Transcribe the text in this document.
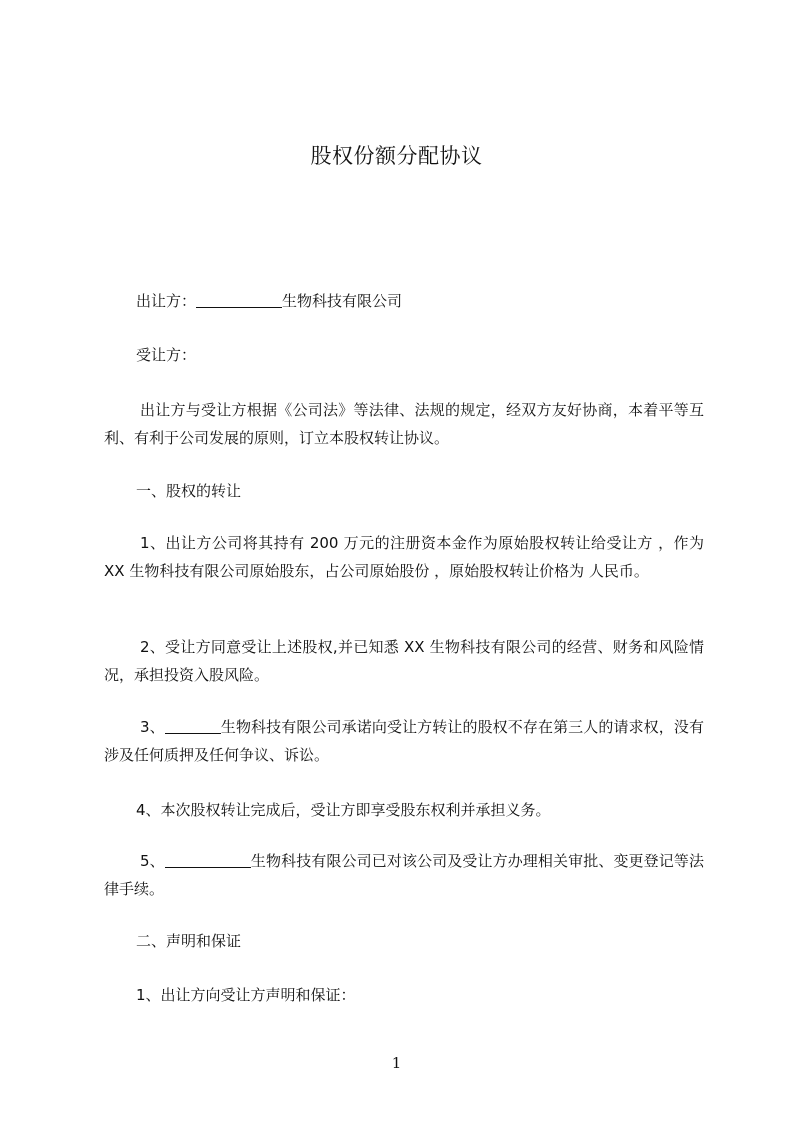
股权份额分配协议
出让方：	生物科技有限公司
受让方：
出让方与受让方根据《公司法》等法律、法规的规定，经双方友好协商，本着平等互利、有利于公司发展的原则，订立本股权转让协议。
一、股权的转让
1、出让方公司将其持有 200 万元的注册资本金作为原始股权转让给受让方 ，作为 XX 生物科技有限公司原始股东，占公司原始股份 ，原始股权转让价格为 人民币。
2、受让方同意受让上述股权,并已知悉 XX 生物科技有限公司的经营、财务和风险情况，承担投资入股风险。
3、	生物科技有限公司承诺向受让方转让的股权不存在第三人的请求权，没有涉及任何质押及任何争议、诉讼。
4、本次股权转让完成后，受让方即享受股东权利并承担义务。
5、	生物科技有限公司已对该公司及受让方办理相关审批、变更登记等法律手续。
二、声明和保证
1、出让方向受让方声明和保证：
1
